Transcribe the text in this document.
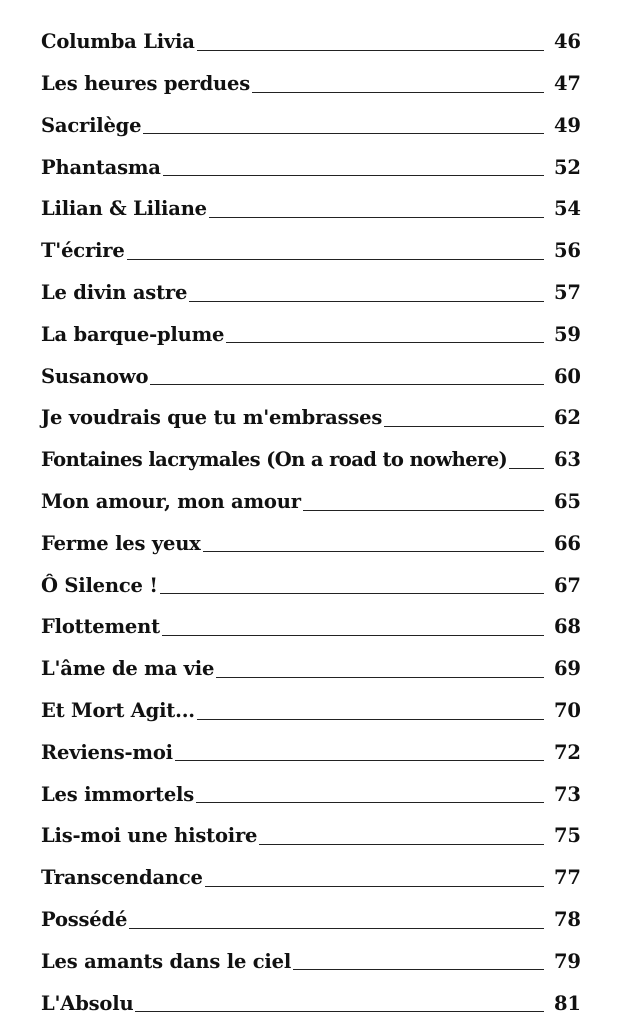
Columba Livia	46
Les heures perdues	47
Sacrilège	49
Phantasma	52
Lilian & Liliane	54
T'écrire	56
Le divin astre	57
La barque-plume	59
Susanowo	60
Je voudrais que tu m'embrasses	62
Fontaines lacrymales (On a road to nowhere) 63
Mon amour, mon amour	65
Ferme les yeux	66
Ô Silence !	67
Flottement	68
L'âme de ma vie	69
Et Mort Agit...	70
Reviens-moi	72
Les immortels	73
Lis-moi une histoire	75
Transcendance	77
Possédé	78
Les amants dans le ciel	79
L'Absolu	81
